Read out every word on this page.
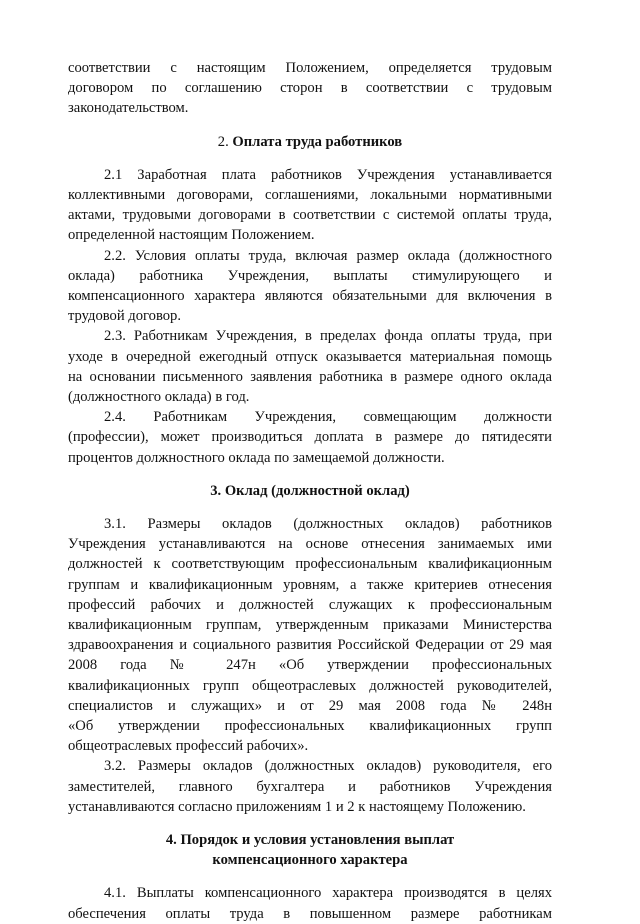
соответствии с настоящим Положением, определяется трудовым

договором по соглашению сторон в соответствии с трудовым

законодательством.

2. Оплата труда работников

2.1 Заработная плата работников Учреждения устанавливается

коллективными договорами, соглашениями, локальными нормативными

актами, трудовыми договорами в соответствии с системой оплаты труда,

определенной настоящим Положением.

2.2. Условия оплаты труда, включая размер оклада (должностного

оклада) работника Учреждения, выплаты стимулирующего и

компенсационного характера являются обязательными для включения в

трудовой договор.

2.3. Работникам Учреждения, в пределах фонда оплаты труда, при

уходе в очередной ежегодный отпуск оказывается материальная помощь

на основании письменного заявления работника в размере одного оклада

(должностного оклада) в год.

2.4. Работникам Учреждения, совмещающим должности

(профессии), может производиться доплата в размере до пятидесяти

процентов должностного оклада по замещаемой должности.

3. Оклад (должностной оклад)

3.1. Размеры окладов (должностных окладов) работников

Учреждения устанавливаются на основе отнесения занимаемых ими

должностей к соответствующим профессиональным квалификационным

группам и квалификационным уровням, а также критериев отнесения

профессий рабочих и должностей служащих к профессиональным

квалификационным группам, утвержденным приказами Министерства

здравоохранения и социального развития Российской Федерации от 29 мая

2008 года № 247н «Об утверждении профессиональных

квалификационных групп общеотраслевых должностей руководителей,

специалистов и служащих» и от 29 мая 2008 года № 248н

«Об утверждении профессиональных квалификационных групп

общеотраслевых профессий рабочих».

3.2. Размеры окладов (должностных окладов) руководителя, его

заместителей, главного бухгалтера и работников Учреждения

устанавливаются согласно приложениям 1 и 2 к настоящему Положению.

4. Порядок и условия установления выплат
компенсационного характера

4.1. Выплаты компенсационного характера производятся в целях

обеспечения оплаты труда в повышенном размере работникам
